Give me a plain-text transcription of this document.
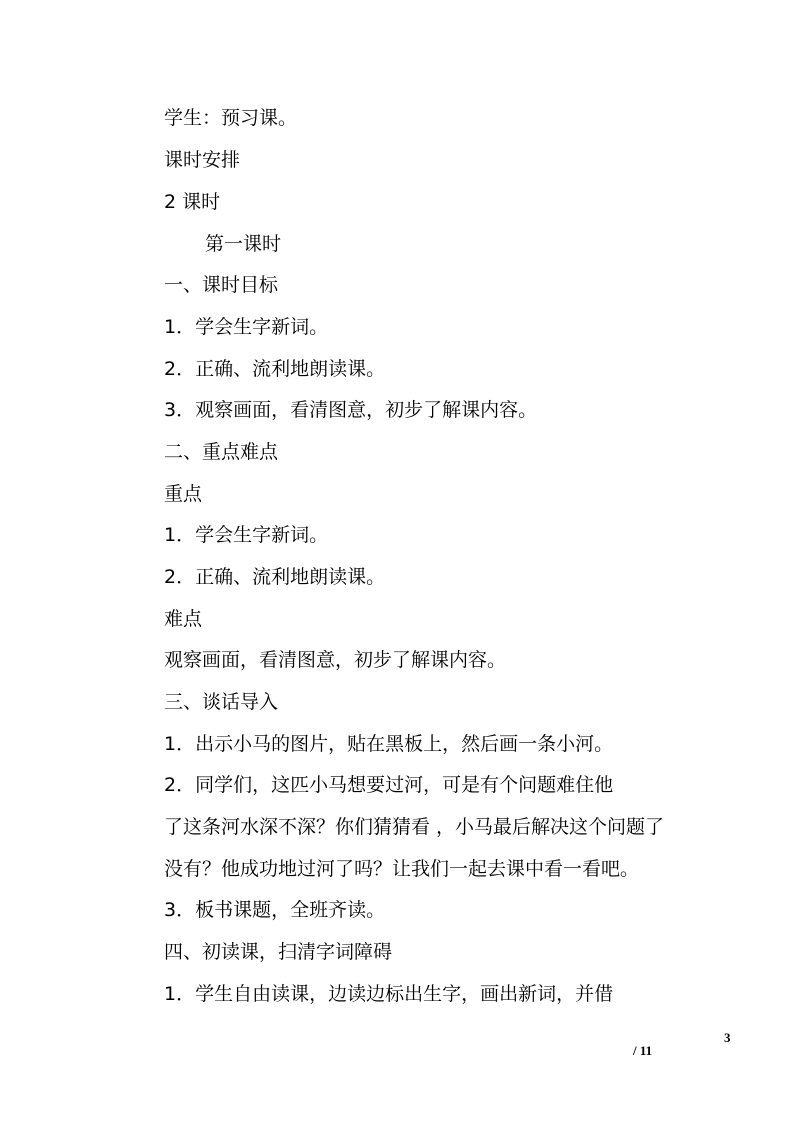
学生：预习课。
课时安排
2 课时
第一课时
一、课时目标
1．学会生字新词。
2．正确、流利地朗读课。
3．观察画面，看清图意，初步了解课内容。
二、重点难点
重点
1．学会生字新词。
2．正确、流利地朗读课。
难点
观察画面，看清图意，初步了解课内容。
三、谈话导入
1．出示小马的图片，贴在黑板上，然后画一条小河。
2．同学们，这匹小马想要过河，可是有个问题难住他
了这条河水深不深？你们猜猜看 ，小马最后解决这个问题了
没有？他成功地过河了吗？让我们一起去课中看一看吧。
3．板书课题，全班齐读。
四、初读课，扫清字词障碍
1．学生自由读课，边读边标出生字，画出新词，并借
3
/ 11
